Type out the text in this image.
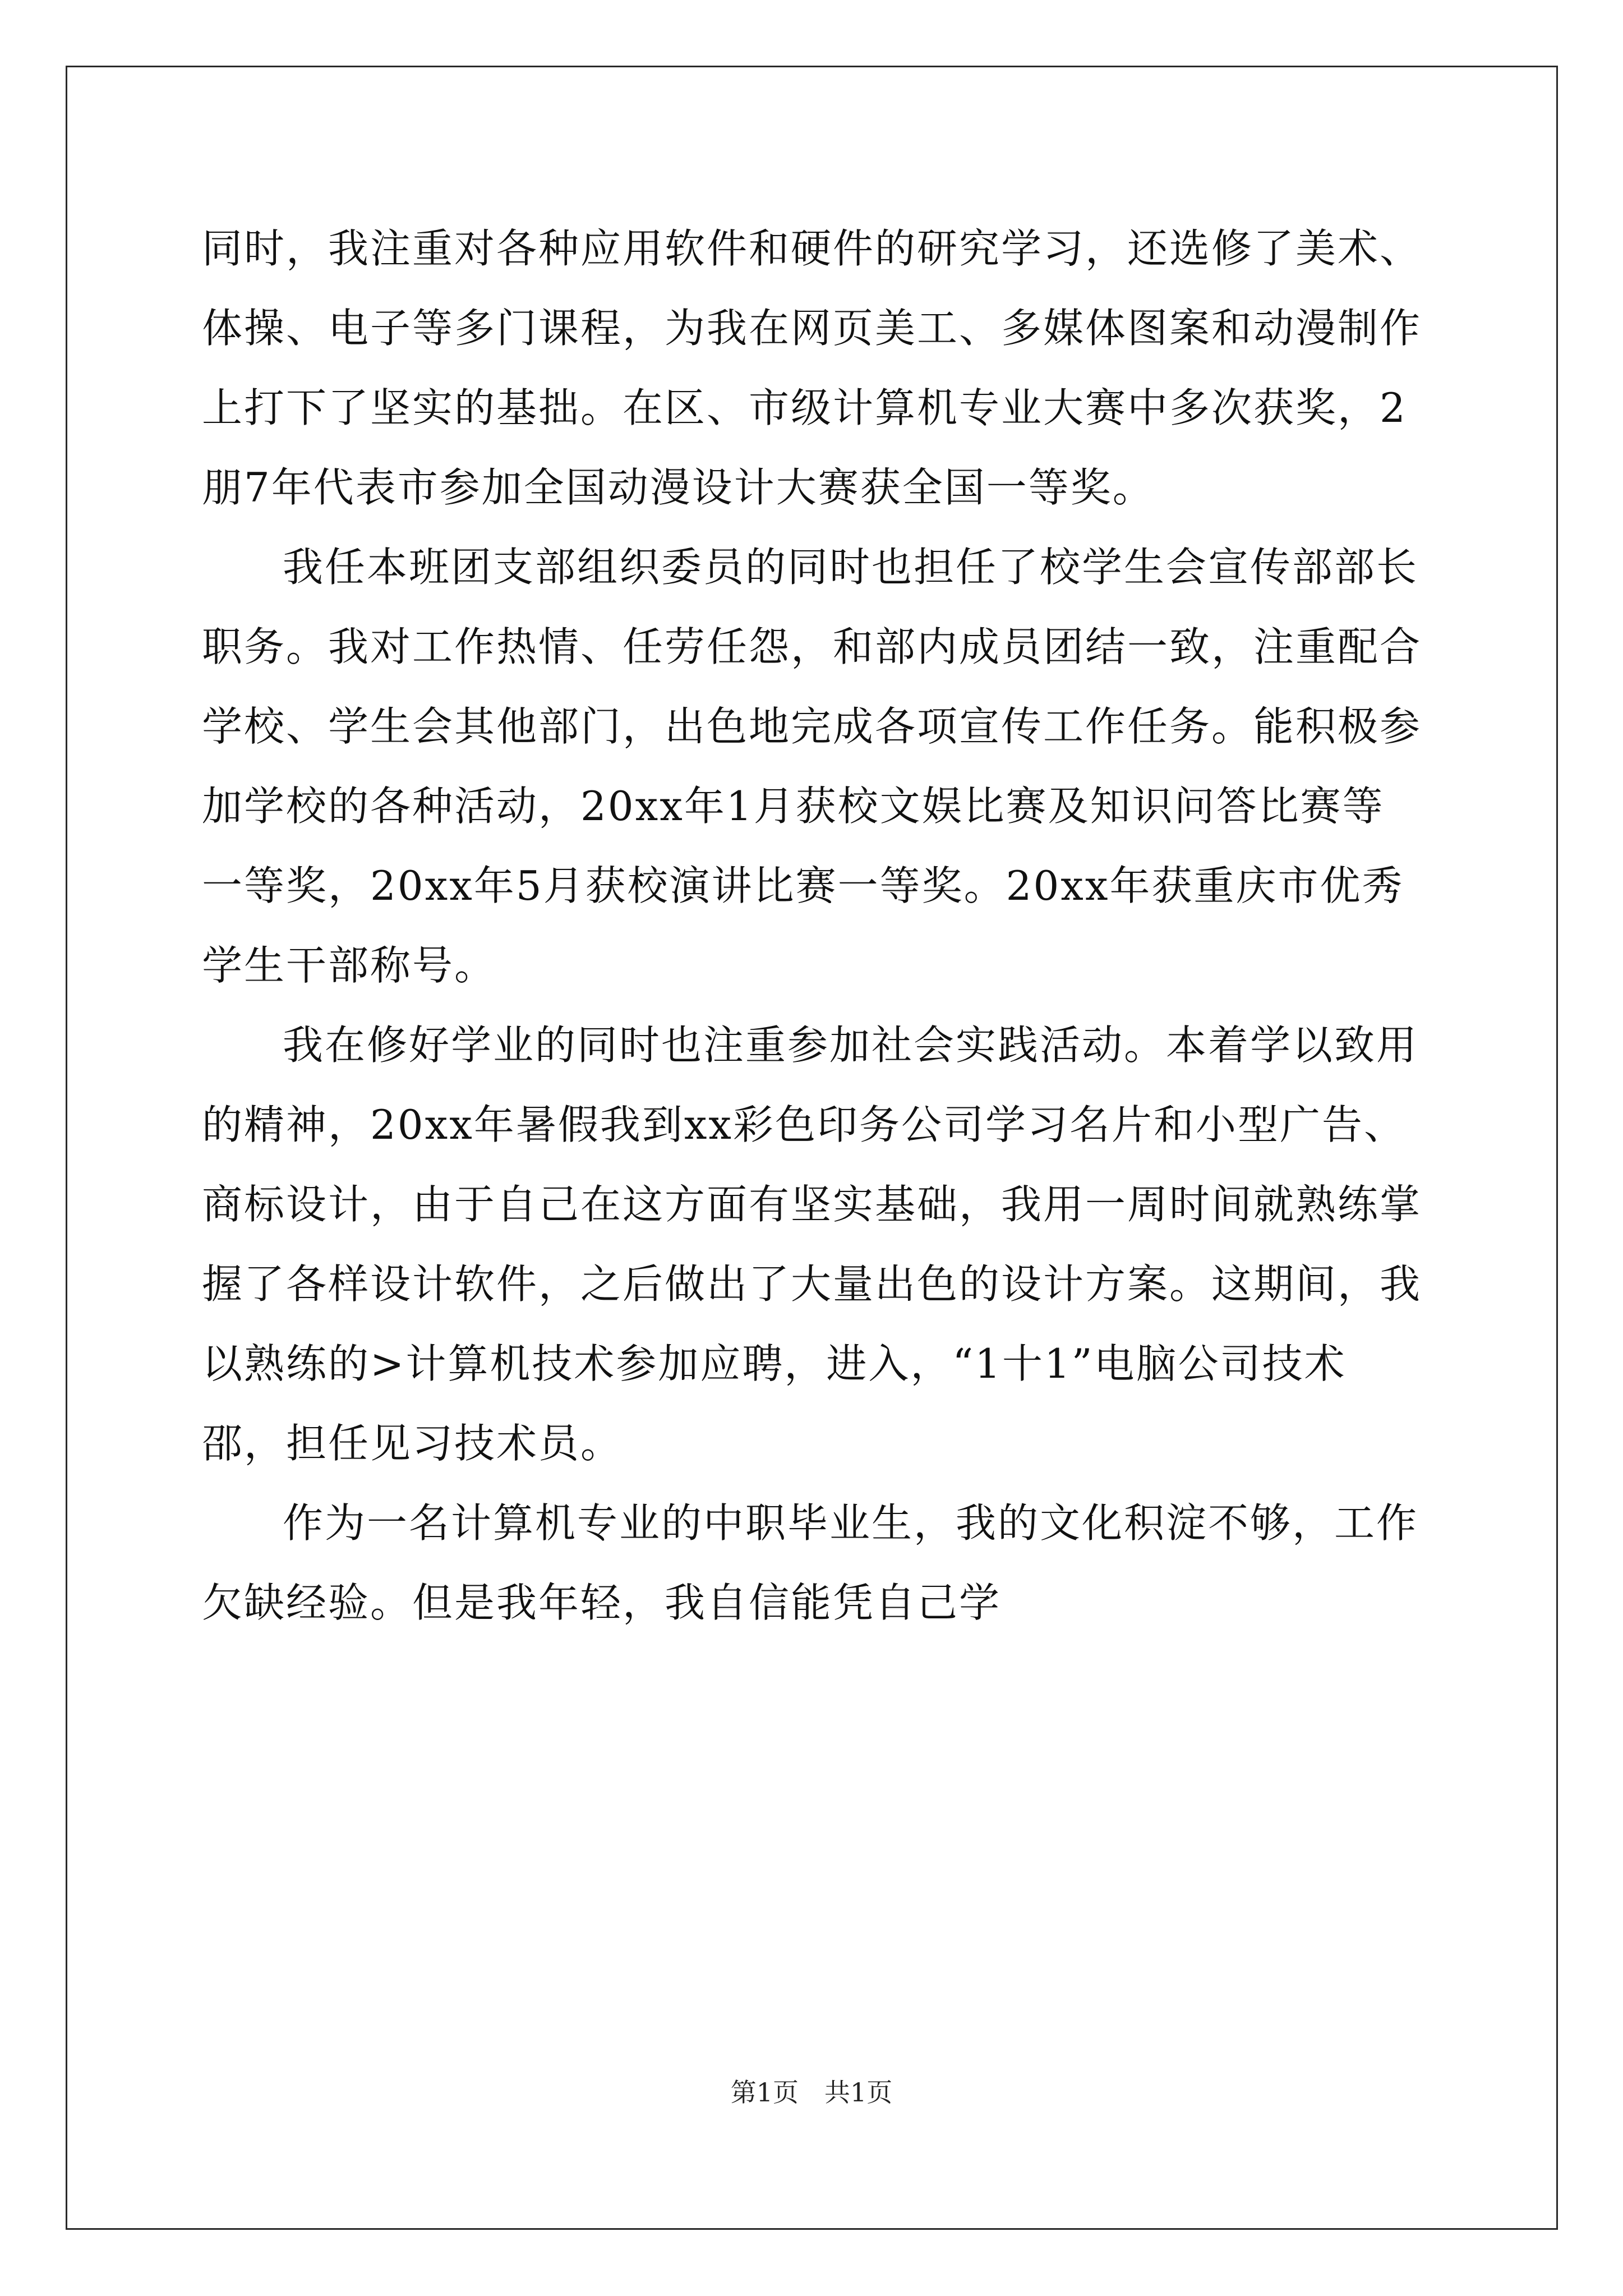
同时，我注重对各种应用软件和硬件的研究学习，还选修了美术、体操、电子等多门课程，为我在网页美工、多媒体图案和动漫制作上打下了坚实的基拙。在区、市级计算机专业大赛中多次获奖，2朋7年代表市参加全国动漫设计大赛获全国一等奖。

我任本班团支部组织委员的同时也担任了校学生会宣传部部长职务。我对工作热情、任劳任怨，和部内成员团结一致，注重配合学校、学生会其他部门，出色地完成各项宣传工作任务。能积极参加学校的各种活动，20xx年1月获校文娱比赛及知识问答比赛等一等奖，20xx年5月获校演讲比赛一等奖。20xx年获重庆市优秀学生干部称号。

我在修好学业的同时也注重参加社会实践活动。本着学以致用的精神，20xx年暑假我到xx彩色印务公司学习名片和小型广告、商标设计，由于自己在这方面有坚实基础，我用一周时间就熟练掌握了各样设计软件，之后做出了大量出色的设计方案。这期间，我以熟练的>计算机技术参加应聘，进入，“1十1”电脑公司技术邵，担任见习技术员。

作为一名计算机专业的中职毕业生，我的文化积淀不够，工作欠缺经验。但是我年轻，我自信能凭自己学

第1页　共1页
